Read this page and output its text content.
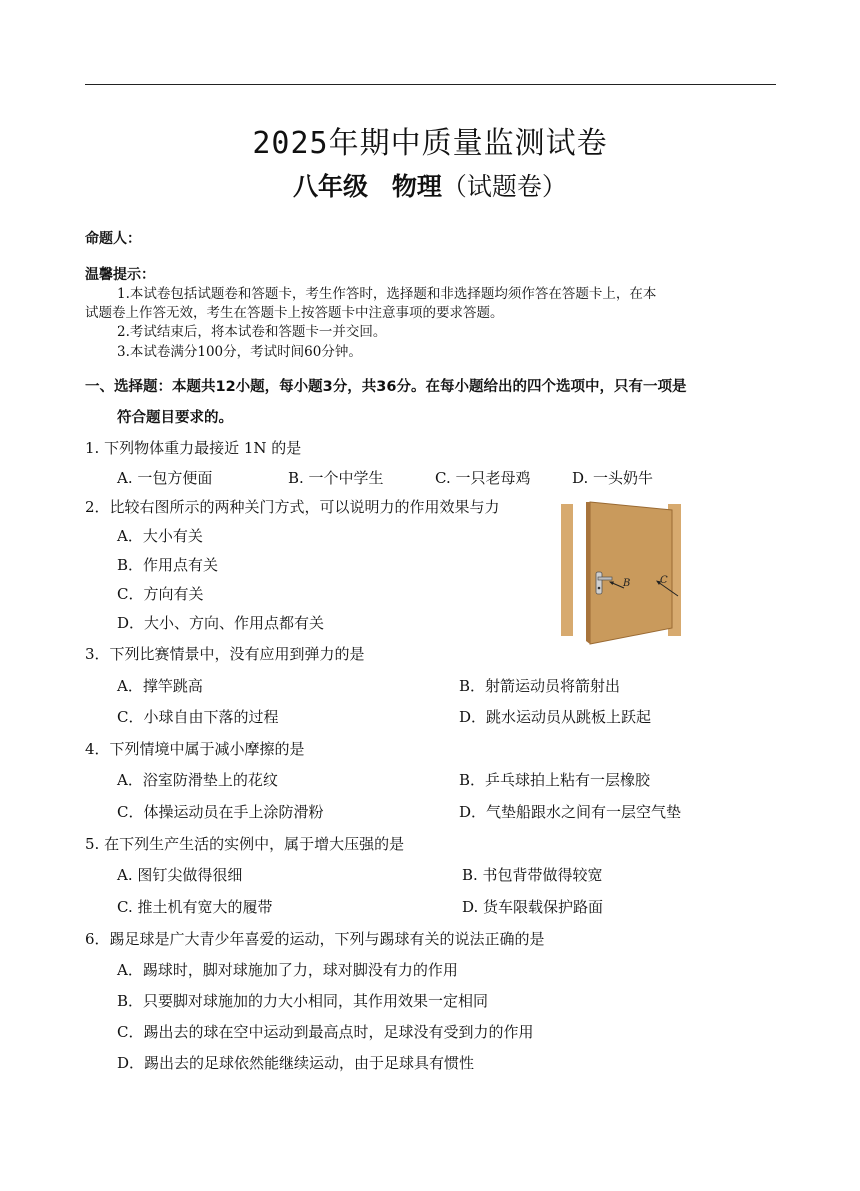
2025年期中质量监测试卷
八年级 物理（试题卷）
命题人：
温馨提示：
1.本试卷包括试题卷和答题卡，考生作答时，选择题和非选择题均须作答在答题卡上，在本
试题卷上作答无效，考生在答题卡上按答题卡中注意事项的要求答题。
2.考试结束后，将本试卷和答题卡一并交回。
3.本试卷满分100分，考试时间60分钟。
一、选择题：本题共12小题，每小题3分，共36分。在每小题给出的四个选项中，只有一项是
符合题目要求的。
1. 下列物体重力最接近 1N 的是
A. 一包方便面	B. 一个中学生	C. 一只老母鸡	D. 一头奶牛
2．比较右图所示的两种关门方式，可以说明力的作用效果与力
A．大小有关
B．作用点有关
C．方向有关
D．大小、方向、作用点都有关
B	C
3．下列比赛情景中，没有应用到弹力的是
A．撑竿跳高	B．射箭运动员将箭射出
C．小球自由下落的过程	D．跳水运动员从跳板上跃起
4．下列情境中属于减小摩擦的是
A．浴室防滑垫上的花纹	B．乒乓球拍上粘有一层橡胶
C．体操运动员在手上涂防滑粉	D．气垫船跟水之间有一层空气垫
5. 在下列生产生活的实例中，属于增大压强的是
A. 图钉尖做得很细	B. 书包背带做得较宽
C. 推土机有宽大的履带	D. 货车限载保护路面
6．踢足球是广大青少年喜爱的运动，下列与踢球有关的说法正确的是
A．踢球时，脚对球施加了力，球对脚没有力的作用
B．只要脚对球施加的力大小相同，其作用效果一定相同
C．踢出去的球在空中运动到最高点时，足球没有受到力的作用
D．踢出去的足球依然能继续运动，由于足球具有惯性
